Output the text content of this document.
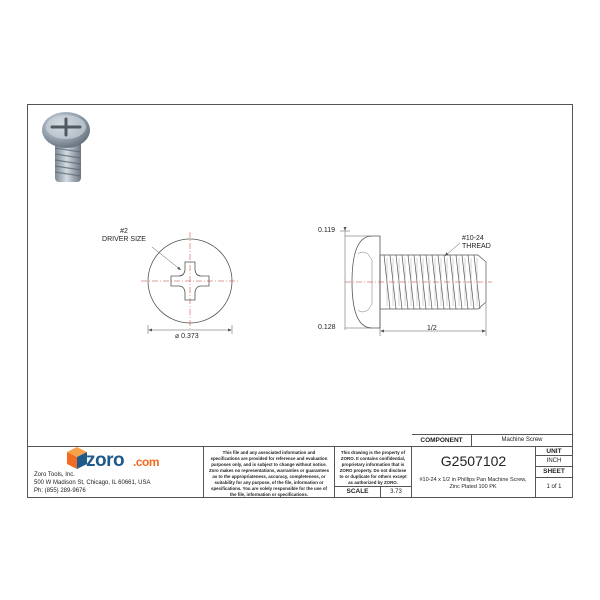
#2
DRIVER SIZE
⌀ 0.373
0.119
0.128	1/2
#10-24
THREAD
zoro .com
Zoro Tools, Inc.
500 W Madison St, Chicago, IL 60661, USA
Ph: (855) 289-9676
This file and any associated information and specifications are provided for reference and evaluation purposes only, and is subject to change without notice. Zoro makes no representations, warranties or guarantees as to the appropriateness, accuracy, completeness, or suitability for any purpose, of the file, information or specifications. You are solely responsible for the use of the file, information or specifications.
This drawing is the property of ZORO. It contains confidential, proprietary information that is ZORO property. Do not disclose to or duplicate for others except as authorized by ZORO.
SCALE	3.73
COMPONENT	Machine Screw
G2507102
#10-24 x 1/2 in Phillips Pan Machine Screw, Zinc Plated 100 PK
UNIT
INCH
SHEET
1 of 1
